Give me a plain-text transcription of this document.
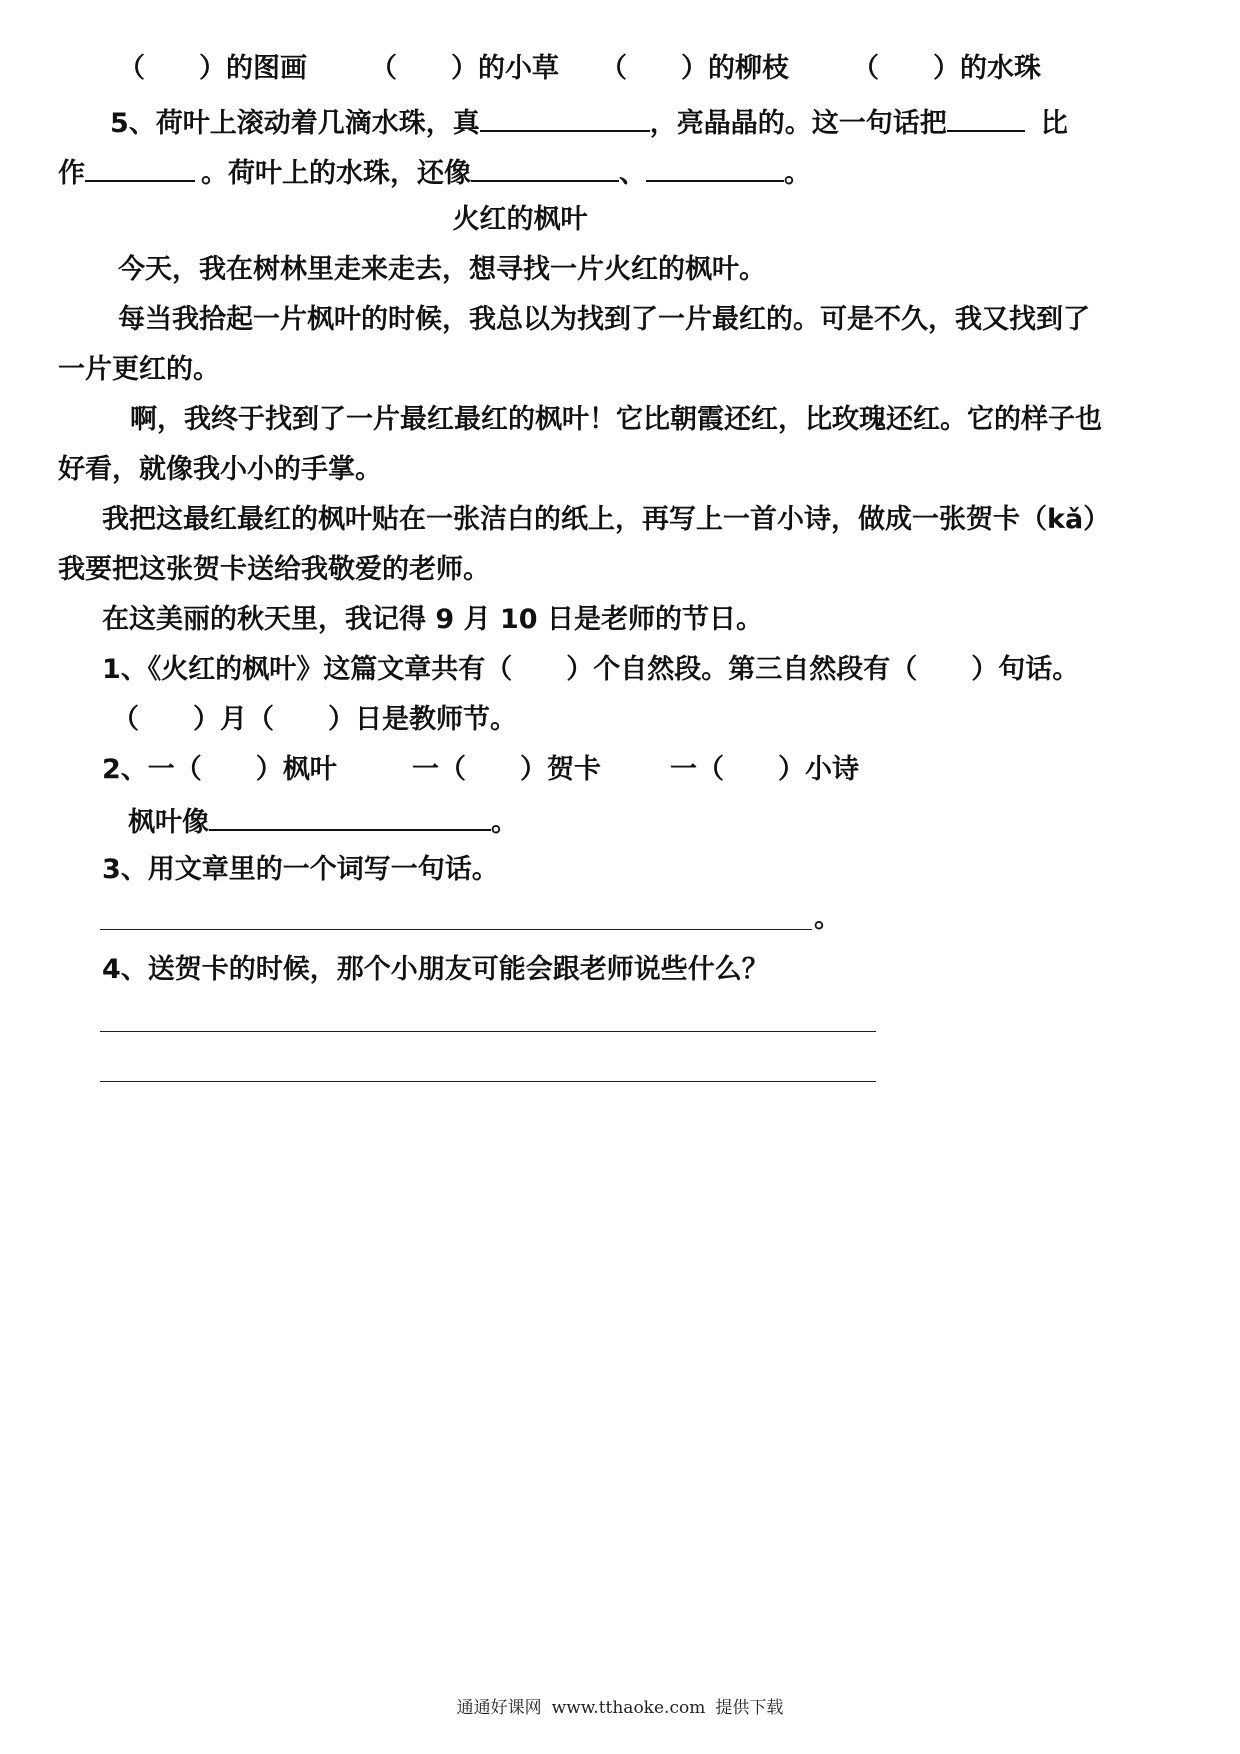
（　　）的图画 （　　）的小草 （　　）的柳枝 （　　）的水珠
5、荷叶上滚动着几滴水珠，真	，亮晶晶的。这一句话把	比
作	。荷叶上的水珠，还像	、	。
火红的枫叶
今天，我在树林里走来走去，想寻找一片火红的枫叶。
每当我拾起一片枫叶的时候，我总以为找到了一片最红的。可是不久，我又找到了
一片更红的。
啊，我终于找到了一片最红最红的枫叶！它比朝霞还红，比玫瑰还红。它的样子也
好看，就像我小小的手掌。
我把这最红最红的枫叶贴在一张洁白的纸上，再写上一首小诗，做成一张贺卡（kǎ）
我要把这张贺卡送给我敬爱的老师。
在这美丽的秋天里，我记得 9 月 10 日是老师的节日。
1、《火红的枫叶》这篇文章共有（　　）个自然段。第三自然段有（　　）句话。
（　　）月（　　）日是教师节。
2、一（　　）枫叶	一（　　）贺卡	一（　　）小诗
枫叶像	。
3、用文章里的一个词写一句话。
。
4、送贺卡的时候，那个小朋友可能会跟老师说些什么？
通通好课网 www.tthaoke.com 提供下载
